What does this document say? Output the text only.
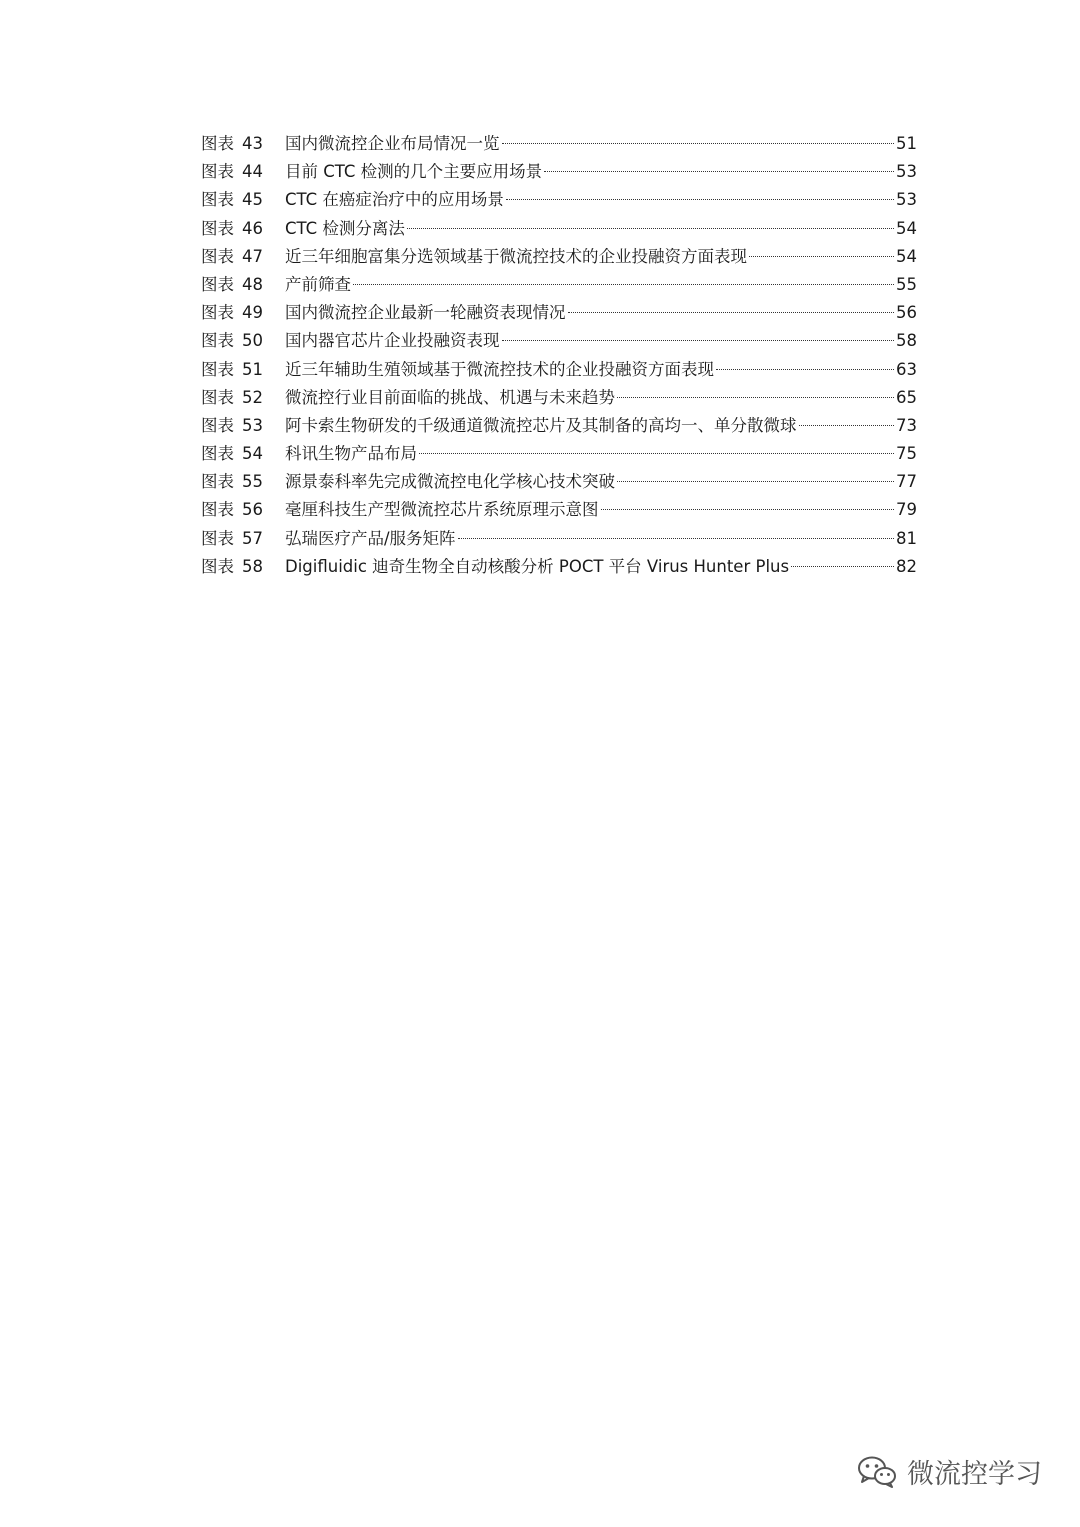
图表 43	国内微流控企业布局情况一览	51
图表 44	目前 CTC 检测的几个主要应用场景	53
图表 45	CTC 在癌症治疗中的应用场景	53
图表 46	CTC 检测分离法	54
图表 47	近三年细胞富集分选领域基于微流控技术的企业投融资方面表现	54
图表 48	产前筛查	55
图表 49	国内微流控企业最新一轮融资表现情况	56
图表 50	国内器官芯片企业投融资表现	58
图表 51	近三年辅助生殖领域基于微流控技术的企业投融资方面表现	63
图表 52	微流控行业目前面临的挑战、机遇与未来趋势	65
图表 53	阿卡索生物研发的千级通道微流控芯片及其制备的高均一、单分散微球	73
图表 54	科讯生物产品布局	75
图表 55	源景泰科率先完成微流控电化学核心技术突破	77
图表 56	毫厘科技生产型微流控芯片系统原理示意图	79
图表 57	弘瑞医疗产品/服务矩阵	81
图表 58	Digifluidic 迪奇生物全自动核酸分析 POCT 平台 Virus Hunter Plus	82
微流控学习
